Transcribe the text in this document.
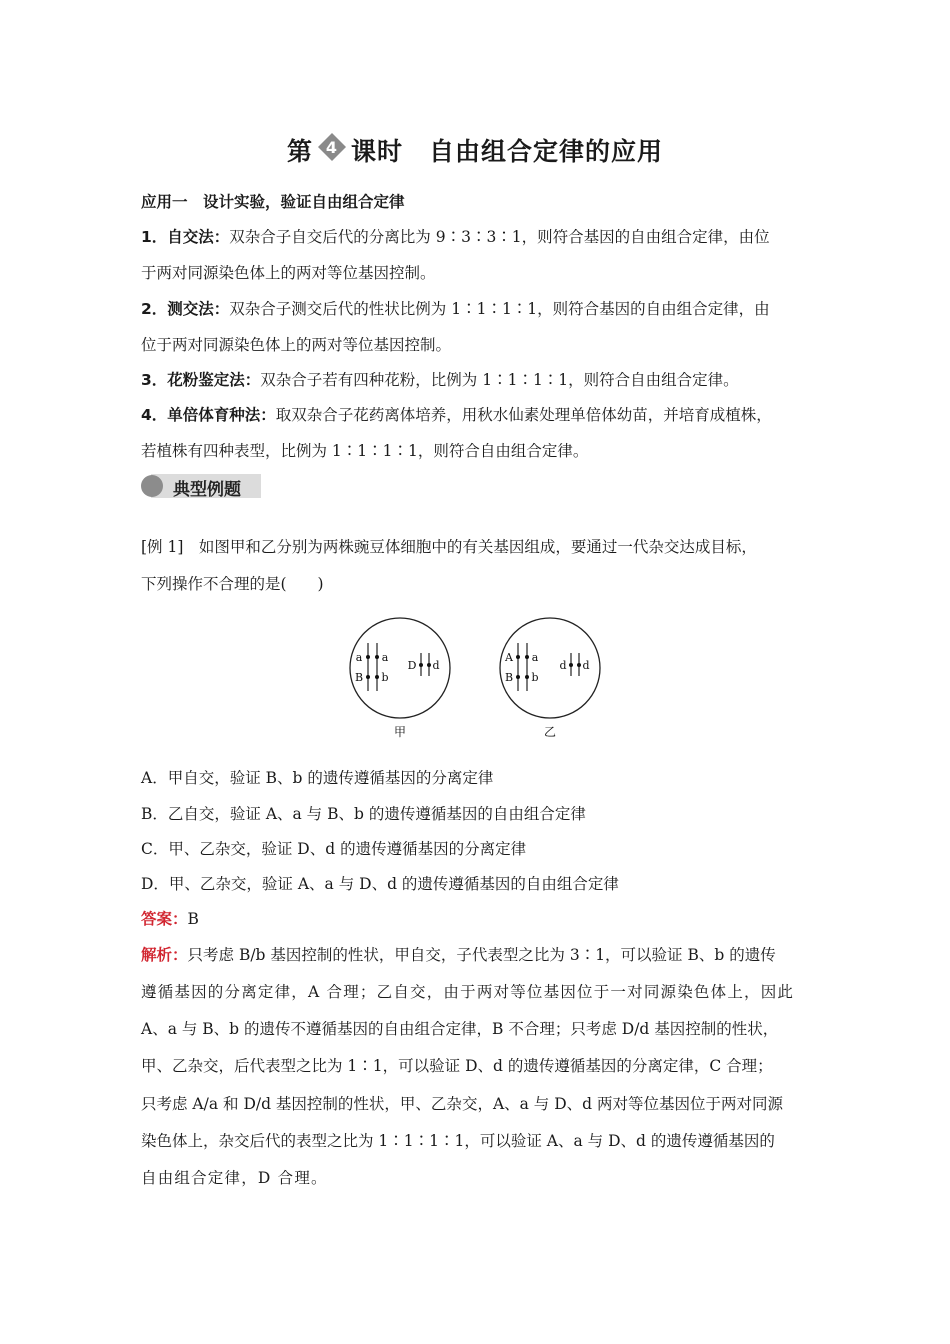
第 4 课时 自由组合定律的应用
应用一　设计实验，验证自由组合定律
1．自交法：双杂合子自交后代的分离比为 9∶3∶3∶1，则符合基因的自由组合定律，由位
于两对同源染色体上的两对等位基因控制。
2．测交法：双杂合子测交后代的性状比例为 1∶1∶1∶1，则符合基因的自由组合定律，由
位于两对同源染色体上的两对等位基因控制。
3．花粉鉴定法：双杂合子若有四种花粉，比例为 1∶1∶1∶1，则符合自由组合定律。
4．单倍体育种法：取双杂合子花药离体培养，用秋水仙素处理单倍体幼苗，并培育成植株，
若植株有四种表型，比例为 1∶1∶1∶1，则符合自由组合定律。
典型例题
[例 1]　如图甲和乙分别为两株豌豆体细胞中的有关基因组成，要通过一代杂交达成目标，
下列操作不合理的是(　　)
a a
B b
D d
甲
A a
B b
d d
乙
A．甲自交，验证 B、b 的遗传遵循基因的分离定律
B．乙自交，验证 A、a 与 B、b 的遗传遵循基因的自由组合定律
C．甲、乙杂交，验证 D、d 的遗传遵循基因的分离定律
D．甲、乙杂交，验证 A、a 与 D、d 的遗传遵循基因的自由组合定律
答案：B
解析：只考虑 B/b 基因控制的性状，甲自交，子代表型之比为 3∶1，可以验证 B、b 的遗传
遵循基因的分离定律，A 合理；乙自交，由于两对等位基因位于一对同源染色体上，因此
A、a 与 B、b 的遗传不遵循基因的自由组合定律，B 不合理；只考虑 D/d 基因控制的性状，
甲、乙杂交，后代表型之比为 1∶1，可以验证 D、d 的遗传遵循基因的分离定律，C 合理；
只考虑 A/a 和 D/d 基因控制的性状，甲、乙杂交，A、a 与 D、d 两对等位基因位于两对同源
染色体上，杂交后代的表型之比为 1∶1∶1∶1，可以验证 A、a 与 D、d 的遗传遵循基因的
自由组合定律，D 合理。
